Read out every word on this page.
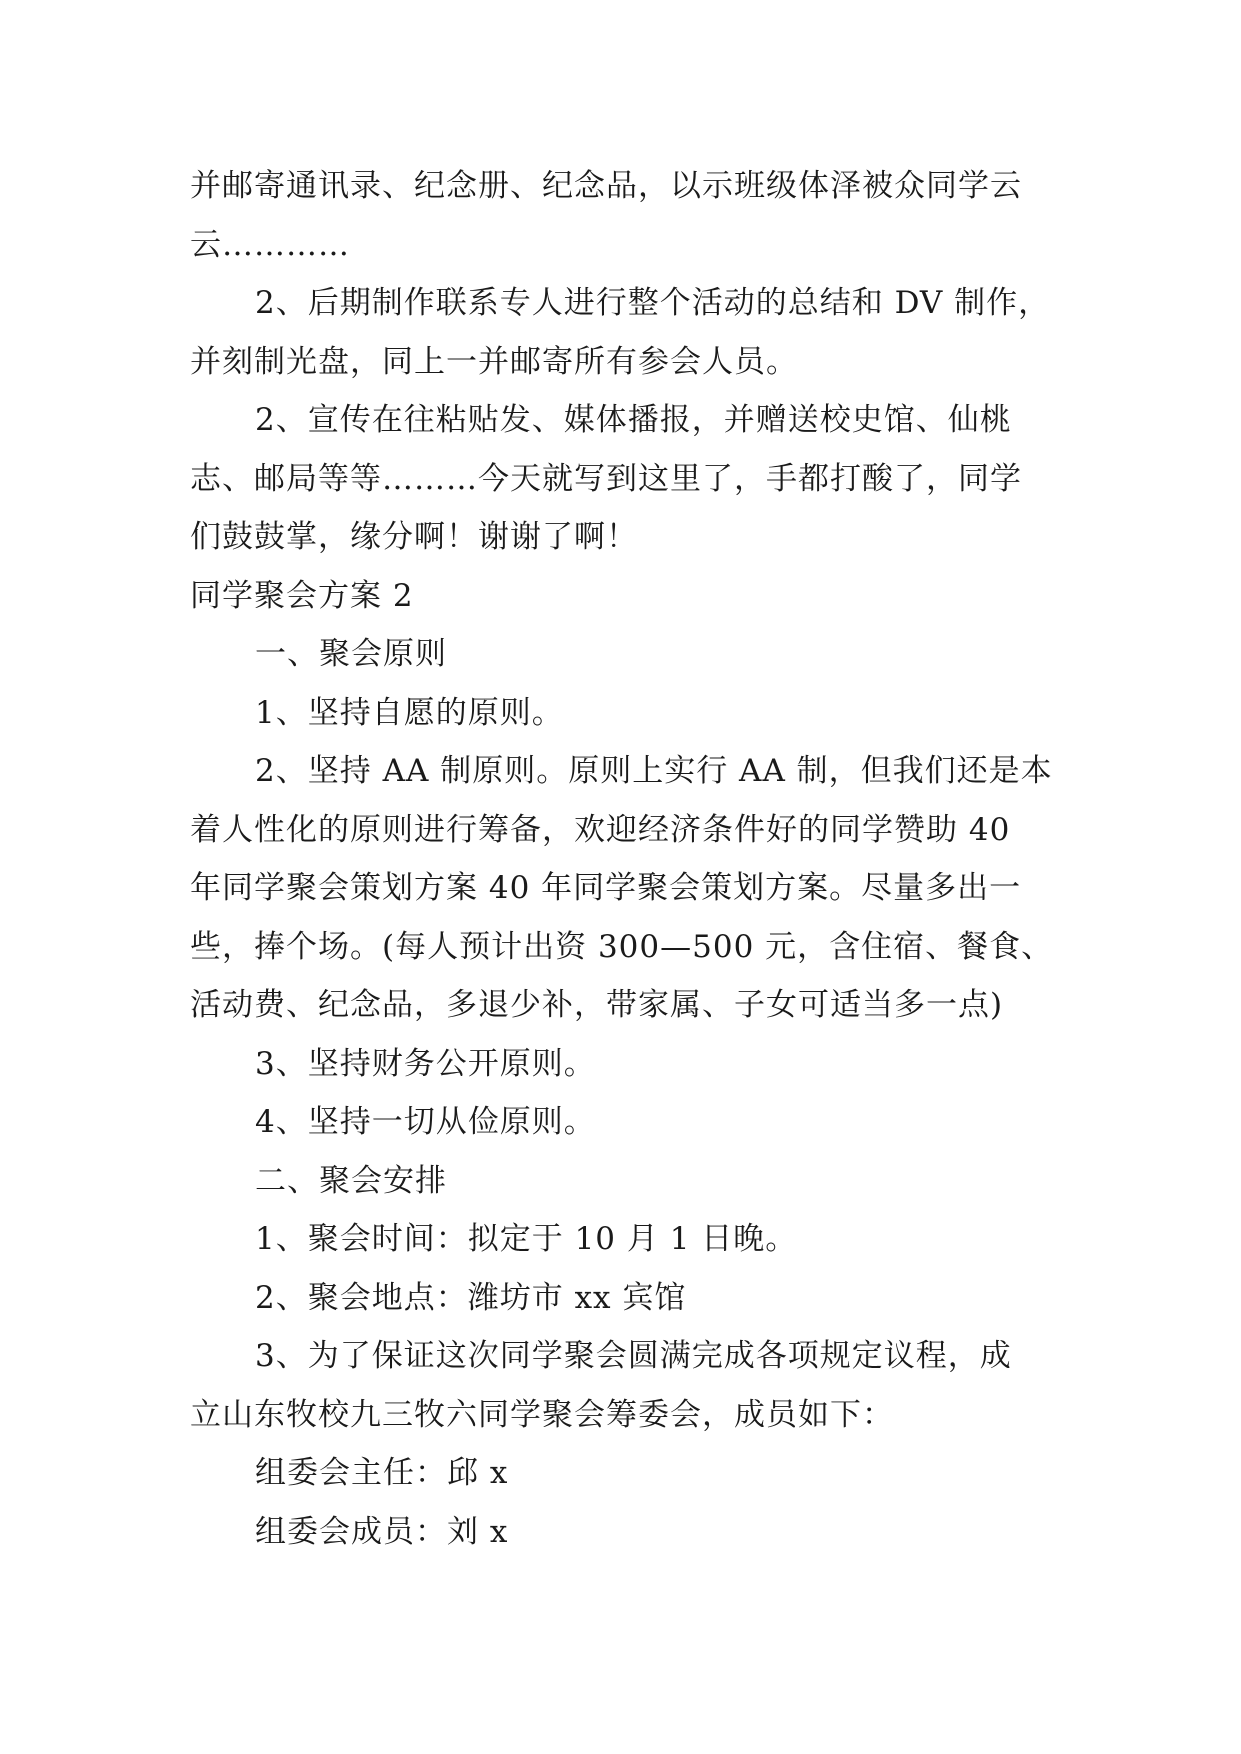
并邮寄通讯录、纪念册、纪念品，以示班级体泽被众同学云
云…………
2、后期制作联系专人进行整个活动的总结和 DV 制作，
并刻制光盘，同上一并邮寄所有参会人员。
2、宣传在往粘贴发、媒体播报，并赠送校史馆、仙桃
志、邮局等等………今天就写到这里了，手都打酸了，同学
们鼓鼓掌，缘分啊！谢谢了啊！
同学聚会方案 2
一、聚会原则
1、坚持自愿的原则。
2、坚持 AA 制原则。原则上实行 AA 制，但我们还是本
着人性化的原则进行筹备，欢迎经济条件好的同学赞助 40
年同学聚会策划方案 40 年同学聚会策划方案。尽量多出一
些，捧个场。(每人预计出资 300—500 元，含住宿、餐食、
活动费、纪念品，多退少补，带家属、子女可适当多一点)
3、坚持财务公开原则。
4、坚持一切从俭原则。
二、聚会安排
1、聚会时间：拟定于 10 月 1 日晚。
2、聚会地点：潍坊市 xx 宾馆
3、为了保证这次同学聚会圆满完成各项规定议程，成
立山东牧校九三牧六同学聚会筹委会，成员如下：
组委会主任：邱 x
组委会成员：刘 x
